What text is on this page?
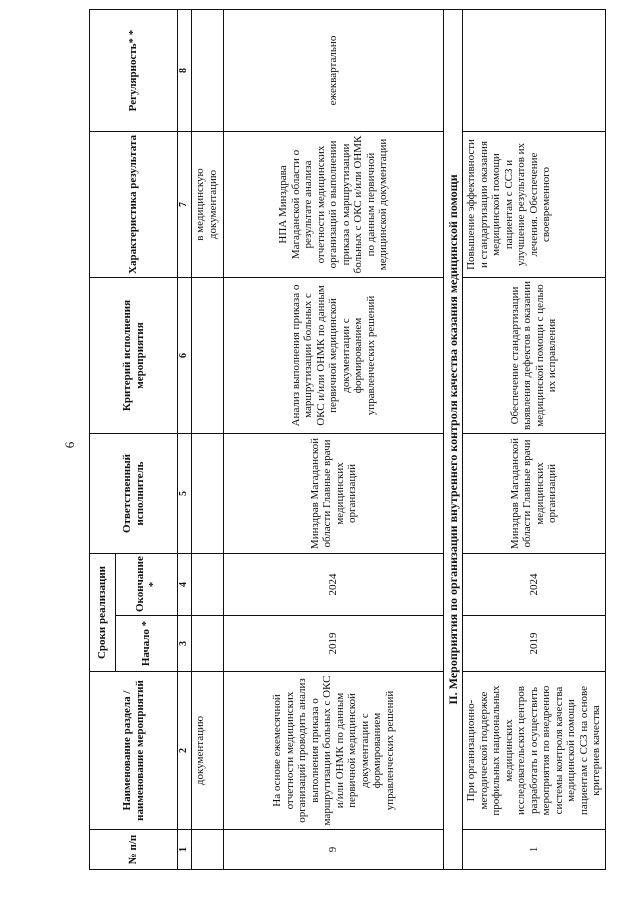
6
№ п/п	Наименование раздела /наименование мероприятий	Сроки реализации		Ответственный исполнитель	Критерий исполнения мероприятия	Характеристика результата	Регулярность* *
		Начало *	Окончание *				
1	2	3	4	5	6	7	8
	документацию					в медицинскую документацию	
9	На основе ежемесячной отчетности медицинских организаций проводить анализ выполнения приказа о маршрутизации больных с ОКС и/или ОНМК по данным первичной медицинской документации с формированием управленческих решений	2019	2024	Минздрав Магаданской области Главные врачи медицинских организаций	Анализ выполнения приказа о маршрутизации больных с ОКС и/или ОНМК по данным первичной медицинской документации с формированием управленческих решений	НПА Минздрава Магаданской области о результате анализа отчетности медицинских организаций о выполнении приказа о маршрутизации больных с ОКС и/или ОНМК по данным первичной медицинской документации	ежеквартально
II. Мероприятия по организации внутреннего контроля качества оказания медицинской помощи							
1	При организационно-методической поддержке профильных национальных медицинских исследовательских центров разработать и осуществить мероприятия по внедрению системы контроля качества медицинской помощи пациентам с ССЗ на основе критериев качества	2019	2024	Минздрав Магаданской области Главные врачи медицинских организаций	Обеспечение стандартизации выявления дефектов в оказании медицинской помощи с целью их исправления	Повышение эффективности и стандартизации оказания медицинской помощи пациентам с ССЗ и улучшение результатов их лечения. Обеспечение своевременного	
